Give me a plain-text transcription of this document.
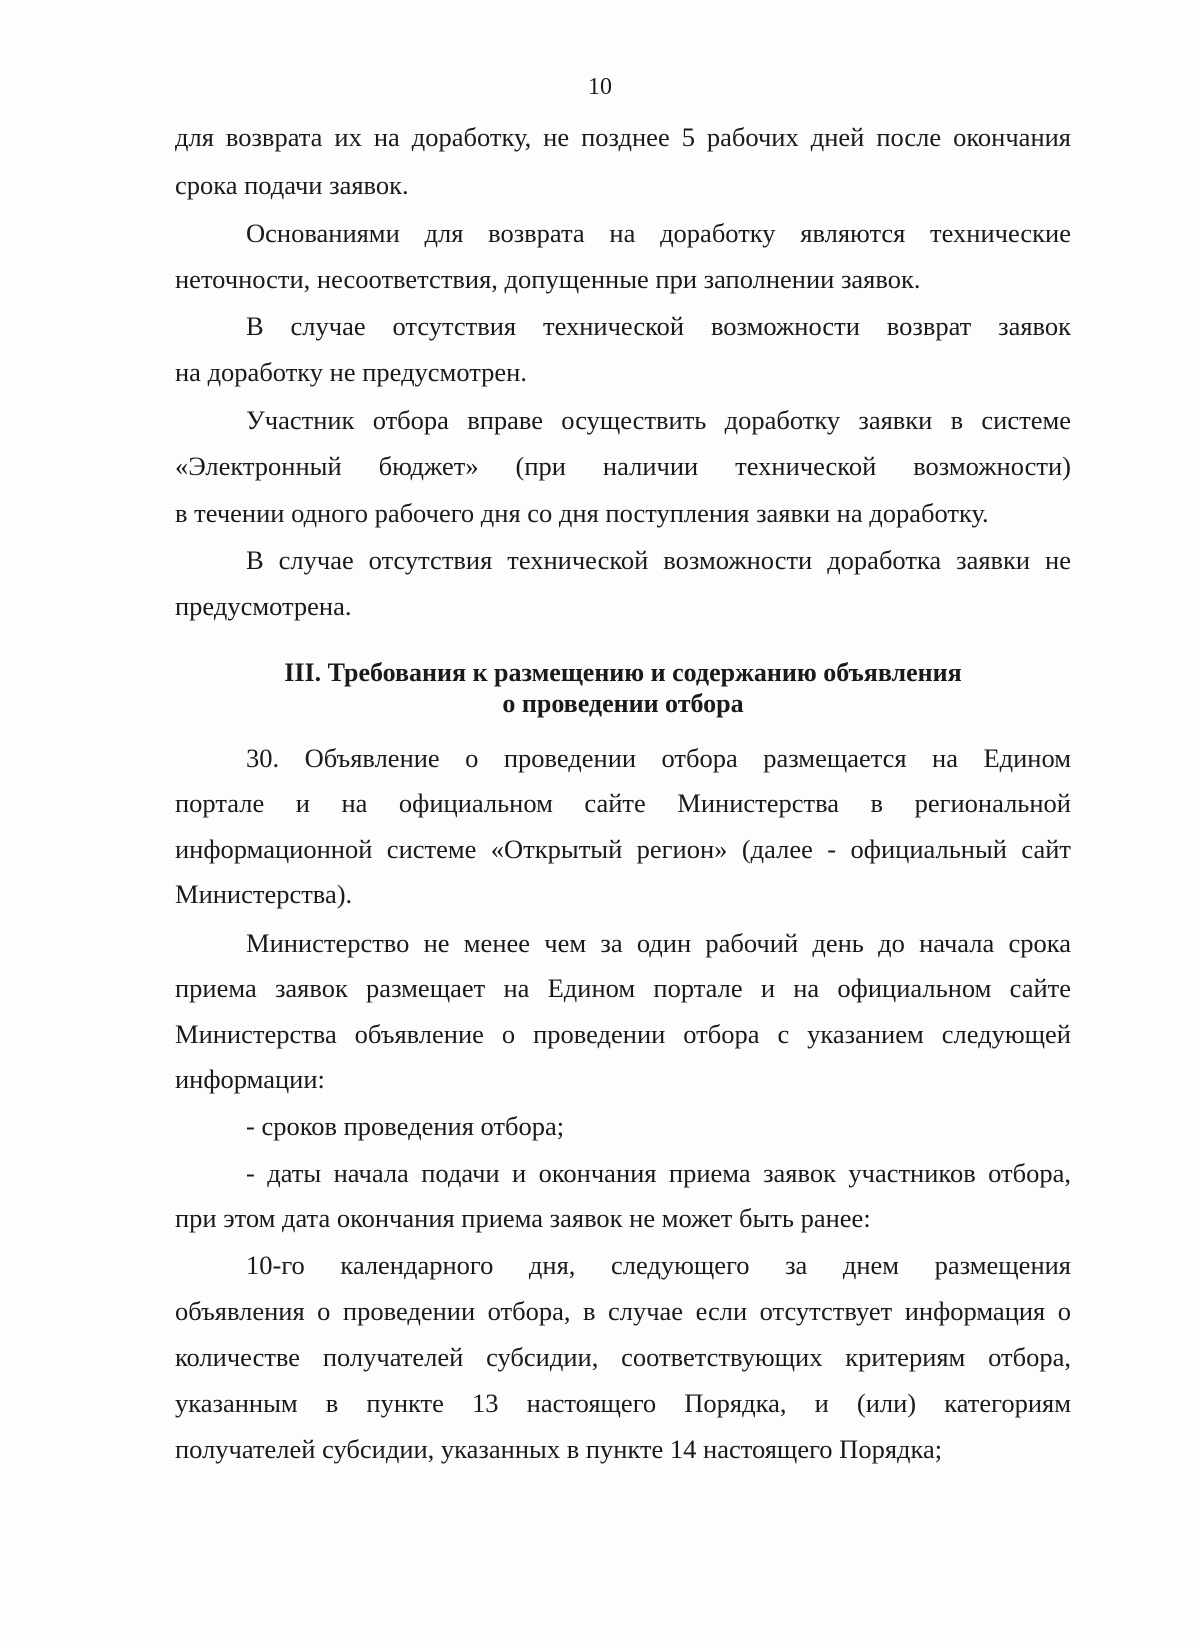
10
для возврата их на доработку, не позднее 5 рабочих дней после окончания
срока подачи заявок.
Основаниями для возврата на доработку являются технические
неточности, несоответствия, допущенные при заполнении заявок.
В случае отсутствия технической возможности возврат заявок
на доработку не предусмотрен.
Участник отбора вправе осуществить доработку заявки в системе
«Электронный бюджет» (при наличии технической возможности)
в течении одного рабочего дня со дня поступления заявки на доработку.
В случае отсутствия технической возможности доработка заявки не
предусмотрена.
III. Требования к размещению и содержанию объявления
о проведении отбора
30. Объявление о проведении отбора размещается на Едином
портале и на официальном сайте Министерства в региональной
информационной системе «Открытый регион» (далее - официальный сайт
Министерства).
Министерство не менее чем за один рабочий день до начала срока
приема заявок размещает на Едином портале и на официальном сайте
Министерства объявление о проведении отбора с указанием следующей
информации:
- сроков проведения отбора;
- даты начала подачи и окончания приема заявок участников отбора,
при этом дата окончания приема заявок не может быть ранее:
10-го календарного дня, следующего за днем размещения
объявления о проведении отбора, в случае если отсутствует информация о
количестве получателей субсидии, соответствующих критериям отбора,
указанным в пункте 13 настоящего Порядка, и (или) категориям
получателей субсидии, указанных в пункте 14 настоящего Порядка;
